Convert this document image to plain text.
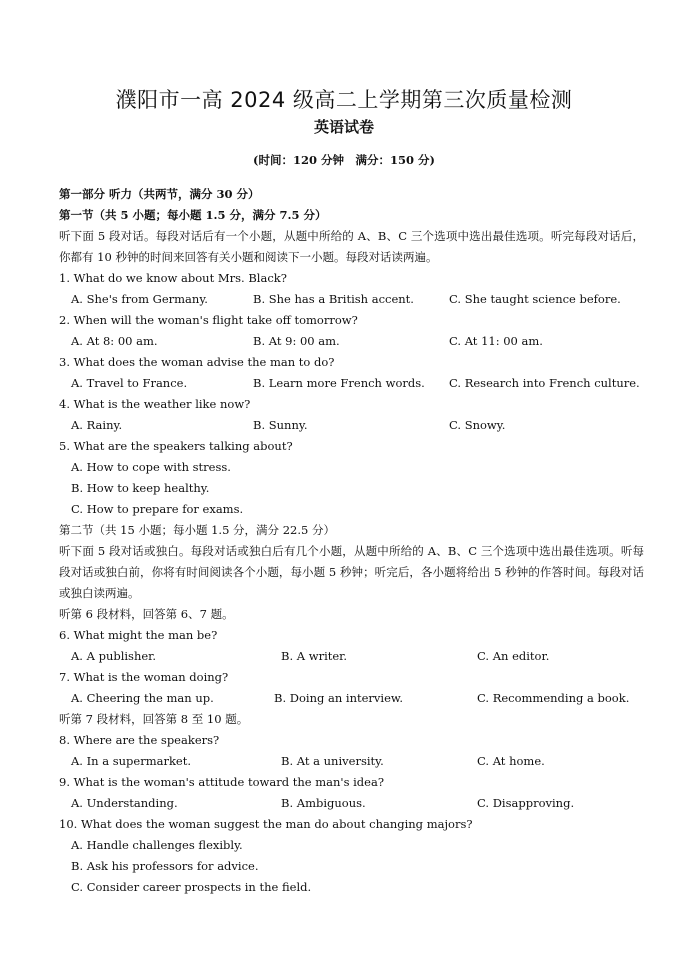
濮阳市一高 2024 级高二上学期第三次质量检测
英语试卷
(时间：120 分钟　满分：150 分)
第一部分 听力（共两节，满分 30 分）
第一节（共 5 小题；每小题 1.5 分，满分 7.5 分）
听下面 5 段对话。每段对话后有一个小题，从题中所给的 A、B、C 三个选项中选出最佳选项。听完每段对话后，你都有 10 秒钟的时间来回答有关小题和阅读下一小题。每段对话读两遍。
1. What do we know about Mrs. Black?
A. She's from Germany.	B. She has a British accent.	C. She taught science before.
2. When will the woman's flight take off tomorrow?
A. At 8: 00 am.	B. At 9: 00 am.	C. At 11: 00 am.
3. What does the woman advise the man to do?
A. Travel to France.	B. Learn more French words. C. Research into French culture.
4. What is the weather like now?
A. Rainy.	B. Sunny.	C. Snowy.
5. What are the speakers talking about?
A. How to cope with stress.
B. How to keep healthy.
C. How to prepare for exams.
第二节（共 15 小题；每小题 1.5 分，满分 22.5 分）
听下面 5 段对话或独白。每段对话或独白后有几个小题，从题中所给的 A、B、C 三个选项中选出最佳选项。听每段对话或独白前，你将有时间阅读各个小题，每小题 5 秒钟；听完后，各小题将给出 5 秒钟的作答时间。每段对话或独白读两遍。
听第 6 段材料，回答第 6、7 题。
6. What might the man be?
A. A publisher.	B. A writer.	C. An editor.
7. What is the woman doing?
A. Cheering the man up.	B. Doing an interview.	C. Recommending a book.
听第 7 段材料，回答第 8 至 10 题。
8. Where are the speakers?
A. In a supermarket.	B. At a university.	C. At home.
9. What is the woman's attitude toward the man's idea?
A. Understanding.	B. Ambiguous.	C. Disapproving.
10. What does the woman suggest the man do about changing majors?
A. Handle challenges flexibly.
B. Ask his professors for advice.
C. Consider career prospects in the field.
